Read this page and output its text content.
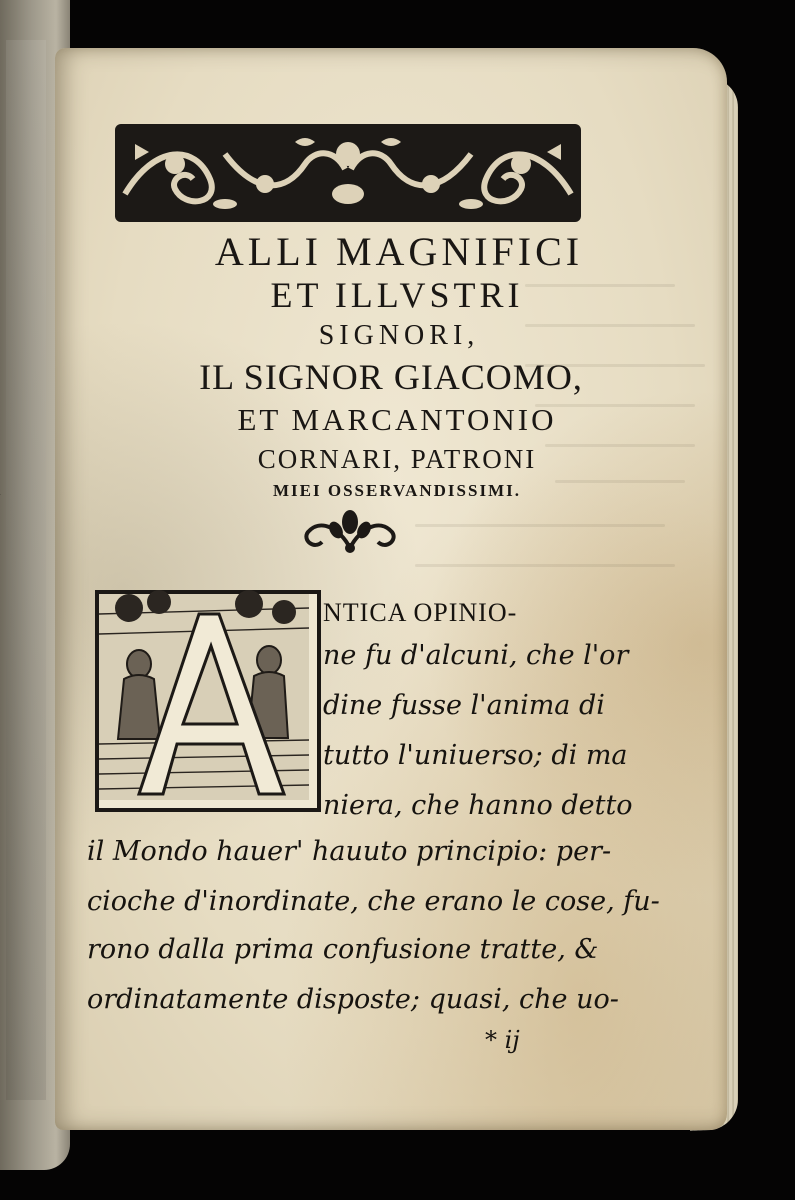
ALLI MAGNIFICI
ET ILLVSTRI
SIGNORI,
IL SIGNOR GIACOMO,
ET MARCANTONIO
CORNARI, PATRONI
MIEI OSSERVANDISSIMI.
NTICA OPINIO-
ne fu d'alcuni, che l'or
dine fusse l'anima di
tutto l'uniuerso; di ma
niera, che hanno detto
il Mondo hauer' hauuto principio: per-
cioche d'inordinate, che erano le cose, fu-
rono dalla prima confusione tratte, &
ordinatamente disposte; quasi, che uo-
* ij
